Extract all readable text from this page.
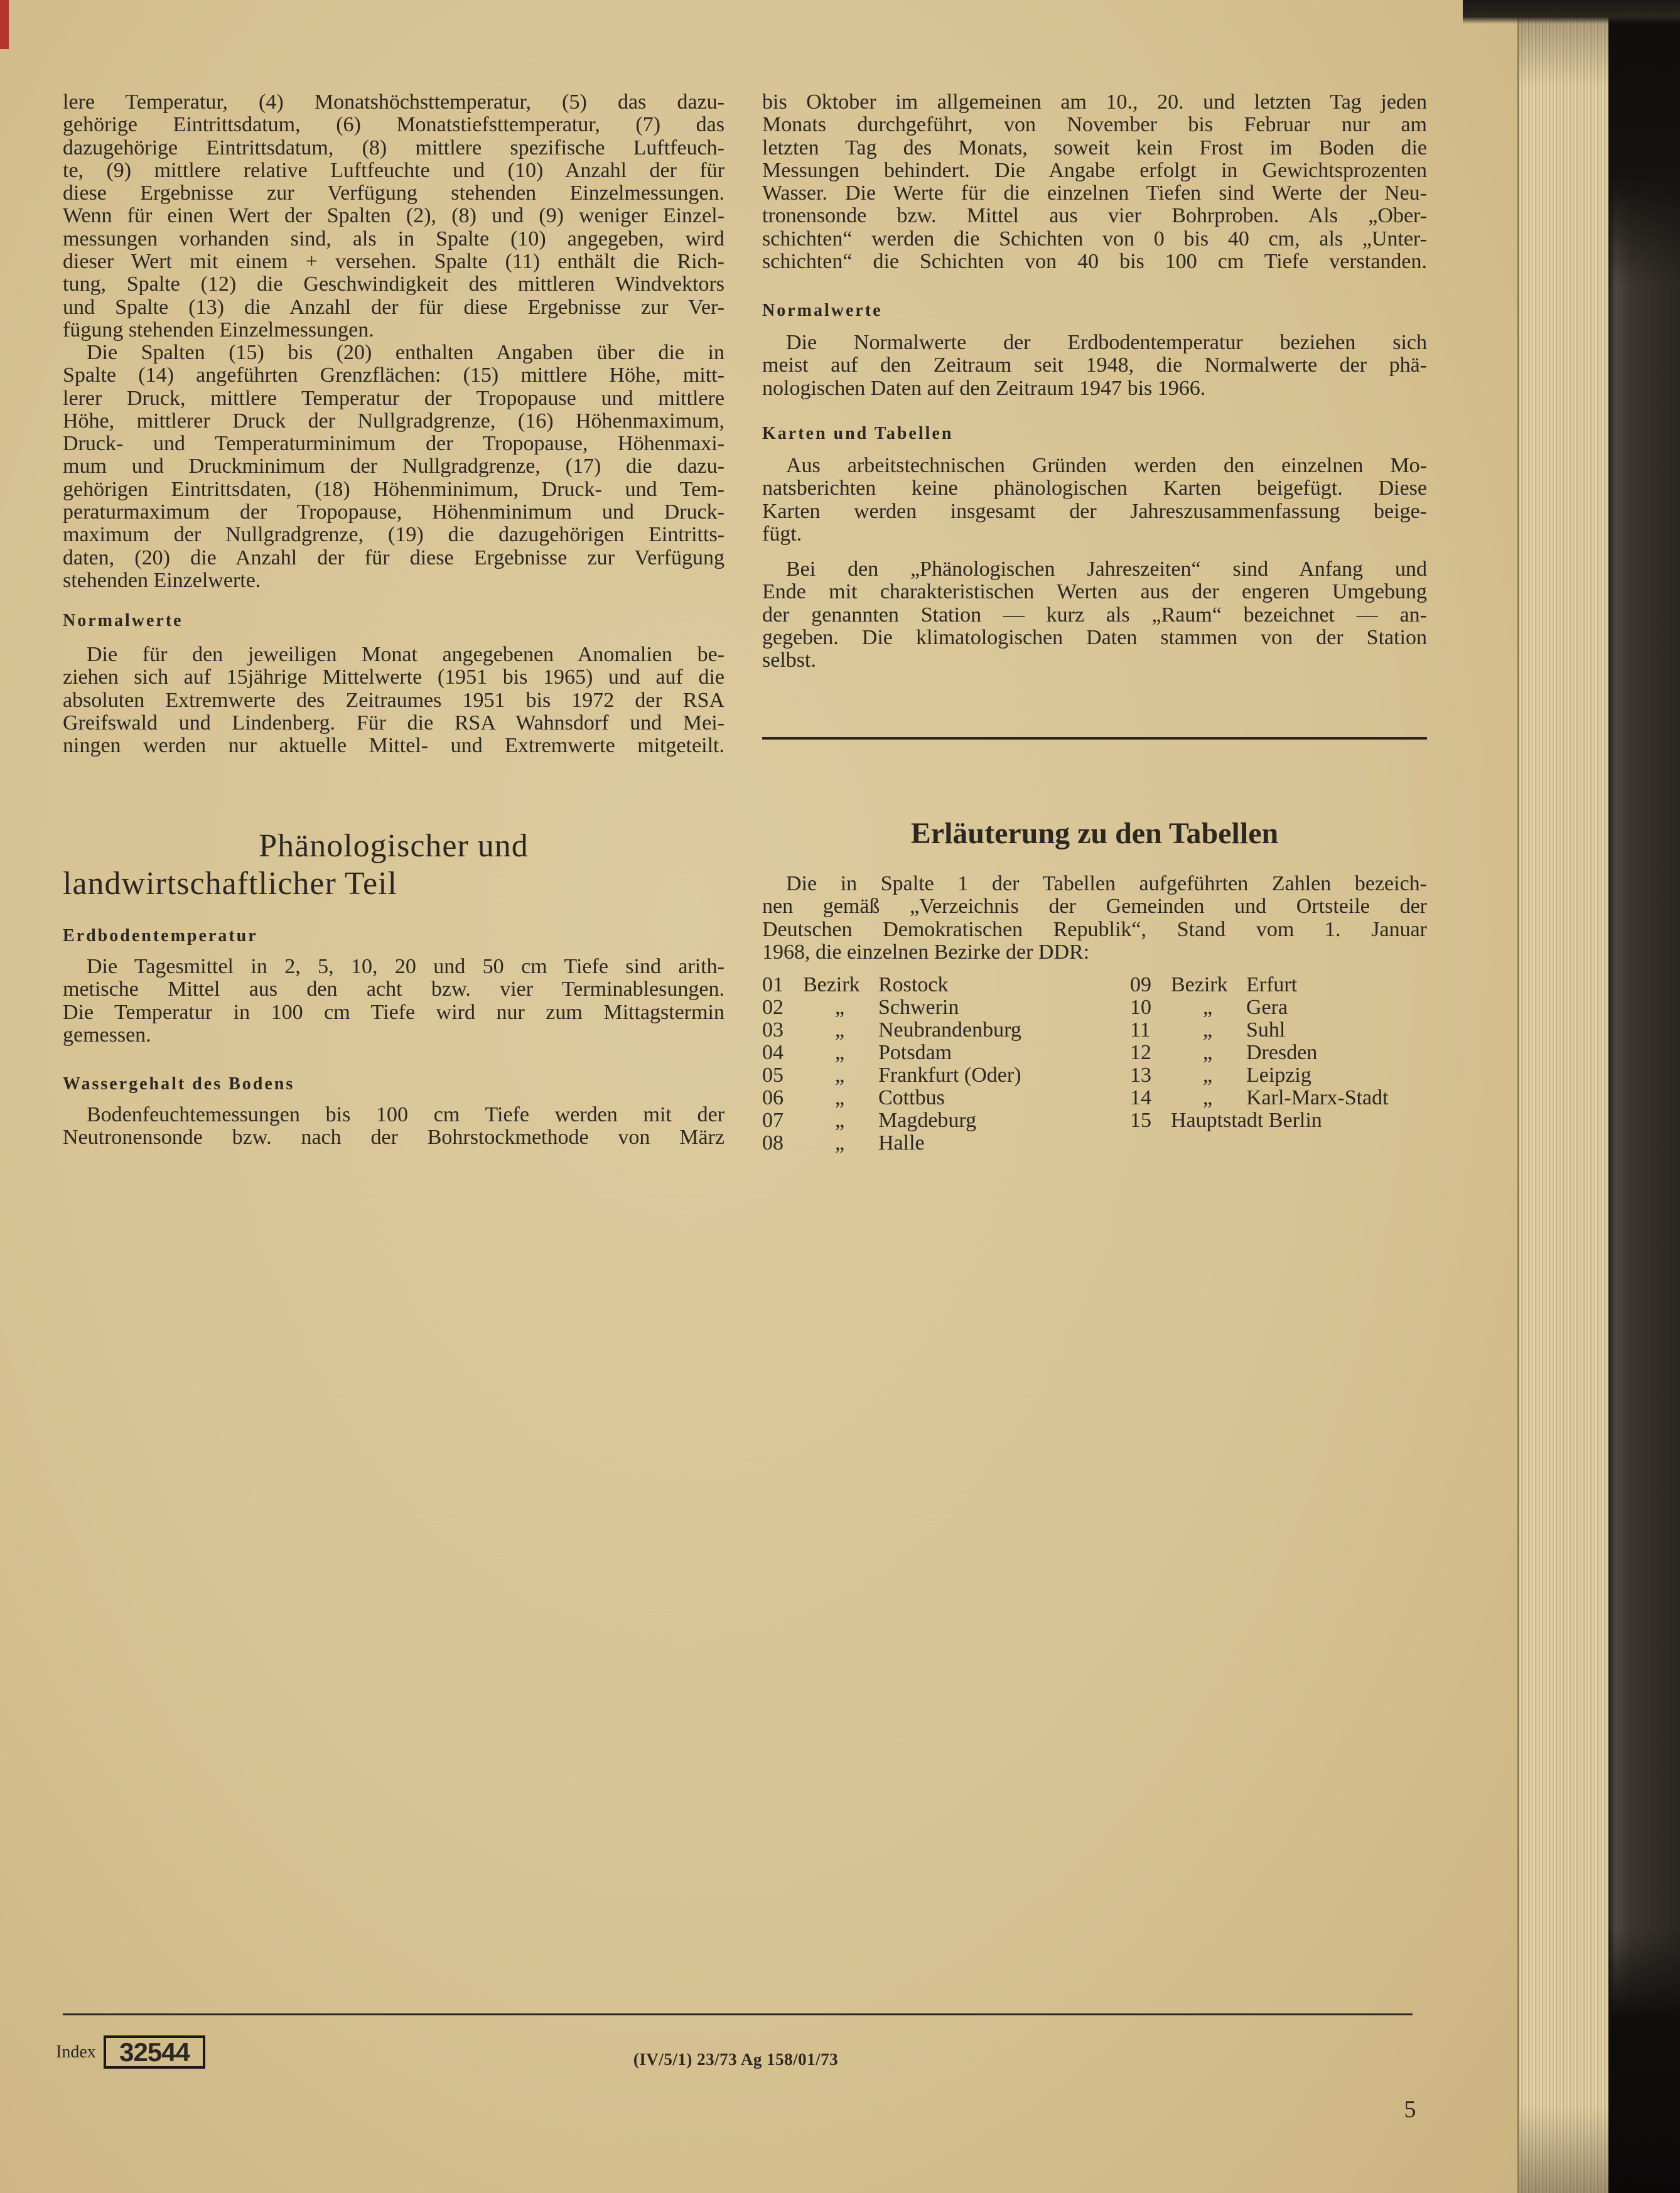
lere Temperatur, (4) Monatshöchsttemperatur, (5) das dazu-
gehörige Eintrittsdatum, (6) Monatstiefsttemperatur, (7) das
dazugehörige Eintrittsdatum, (8) mittlere spezifische Luftfeuch-
te, (9) mittlere relative Luftfeuchte und (10) Anzahl der für
diese Ergebnisse zur Verfügung stehenden Einzelmessungen.
Wenn für einen Wert der Spalten (2), (8) und (9) weniger Einzel-
messungen vorhanden sind, als in Spalte (10) angegeben, wird
dieser Wert mit einem + versehen. Spalte (11) enthält die Rich-
tung, Spalte (12) die Geschwindigkeit des mittleren Windvektors
und Spalte (13) die Anzahl der für diese Ergebnisse zur Ver-
fügung stehenden Einzelmessungen.
Die Spalten (15) bis (20) enthalten Angaben über die in
Spalte (14) angeführten Grenzflächen: (15) mittlere Höhe, mitt-
lerer Druck, mittlere Temperatur der Tropopause und mittlere
Höhe, mittlerer Druck der Nullgradgrenze, (16) Höhenmaximum,
Druck- und Temperaturminimum der Tropopause, Höhenmaxi-
mum und Druckminimum der Nullgradgrenze, (17) die dazu-
gehörigen Eintrittsdaten, (18) Höhenminimum, Druck- und Tem-
peraturmaximum der Tropopause, Höhenminimum und Druck-
maximum der Nullgradgrenze, (19) die dazugehörigen Eintritts-
daten, (20) die Anzahl der für diese Ergebnisse zur Verfügung
stehenden Einzelwerte.
Normalwerte
Die für den jeweiligen Monat angegebenen Anomalien be-
ziehen sich auf 15jährige Mittelwerte (1951 bis 1965) und auf die
absoluten Extremwerte des Zeitraumes 1951 bis 1972 der RSA
Greifswald und Lindenberg. Für die RSA Wahnsdorf und Mei-
ningen werden nur aktuelle Mittel- und Extremwerte mitgeteilt.
Phänologischer und
landwirtschaftlicher Teil
Erdbodentemperatur
Die Tagesmittel in 2, 5, 10, 20 und 50 cm Tiefe sind arith-
metische Mittel aus den acht bzw. vier Terminablesungen.
Die Temperatur in 100 cm Tiefe wird nur zum Mittagstermin
gemessen.
Wassergehalt des Bodens
Bodenfeuchtemessungen bis 100 cm Tiefe werden mit der
Neutronensonde bzw. nach der Bohrstockmethode von März
bis Oktober im allgemeinen am 10., 20. und letzten Tag jeden
Monats durchgeführt, von November bis Februar nur am
letzten Tag des Monats, soweit kein Frost im Boden die
Messungen behindert. Die Angabe erfolgt in Gewichtsprozenten
Wasser. Die Werte für die einzelnen Tiefen sind Werte der Neu-
tronensonde bzw. Mittel aus vier Bohrproben. Als „Ober-
schichten“ werden die Schichten von 0 bis 40 cm, als „Unter-
schichten“ die Schichten von 40 bis 100 cm Tiefe verstanden.
Normalwerte
Die Normalwerte der Erdbodentemperatur beziehen sich
meist auf den Zeitraum seit 1948, die Normalwerte der phä-
nologischen Daten auf den Zeitraum 1947 bis 1966.
Karten und Tabellen
Aus arbeitstechnischen Gründen werden den einzelnen Mo-
natsberichten keine phänologischen Karten beigefügt. Diese
Karten werden insgesamt der Jahreszusammenfassung beige-
fügt.
Bei den „Phänologischen Jahreszeiten“ sind Anfang und
Ende mit charakteristischen Werten aus der engeren Umgebung
der genannten Station — kurz als „Raum“ bezeichnet — an-
gegeben. Die klimatologischen Daten stammen von der Station
selbst.
Erläuterung zu den Tabellen
Die in Spalte 1 der Tabellen aufgeführten Zahlen bezeich-
nen gemäß „Verzeichnis der Gemeinden und Ortsteile der
Deutschen Demokratischen Republik“, Stand vom 1. Januar
1968, die einzelnen Bezirke der DDR:
01 Bezirk Rostock
02 „ Schwerin
03 „ Neubrandenburg
04 „ Potsdam
05 „ Frankfurt (Oder)
06 „ Cottbus
07 „ Magdeburg
08 „ Halle
09 Bezirk Erfurt
10 „ Gera
11 „ Suhl
12 „ Dresden
13 „ Leipzig
14 „ Karl-Marx-Stadt
15 Hauptstadt Berlin
Index 32544	(IV/5/1) 23/73 Ag 158/01/73
5
